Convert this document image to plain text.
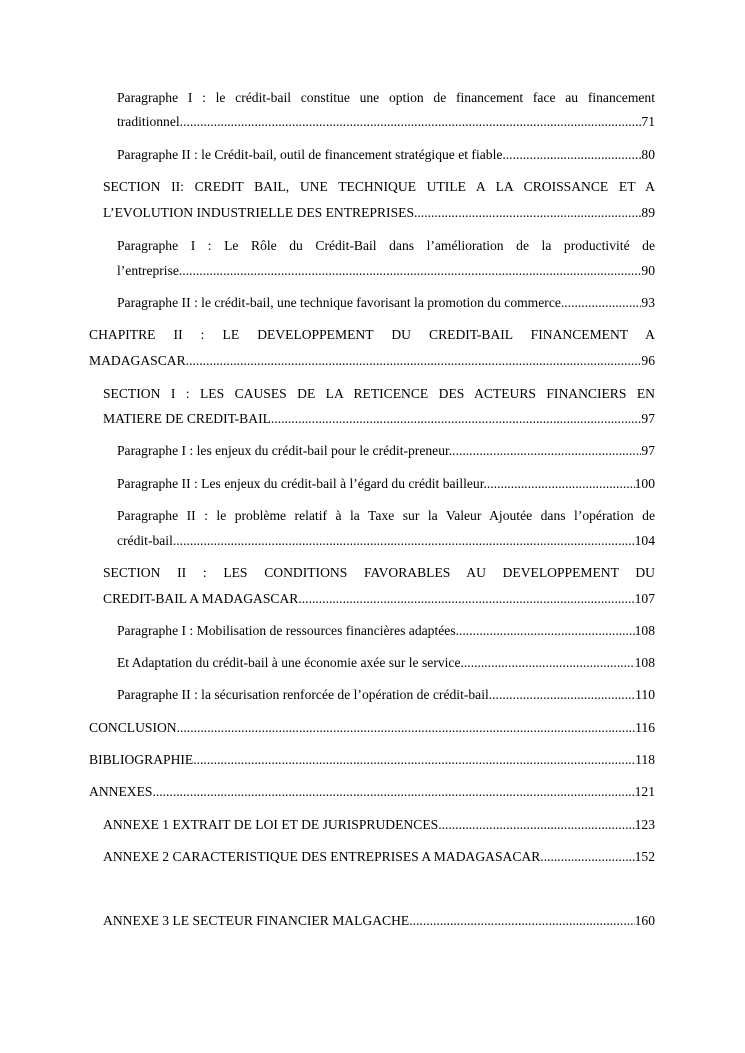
Paragraphe I : le crédit-bail constitue une option de financement face au financement
traditionnel. .....	71
Paragraphe II : le Crédit-bail, outil de financement stratégique et fiable. .....	80
SECTION II: CREDIT BAIL, UNE TECHNIQUE UTILE A LA CROISSANCE ET A
L’EVOLUTION INDUSTRIELLE DES ENTREPRISES. .....	89
Paragraphe I : Le Rôle du Crédit-Bail dans l’amélioration de la productivité de
l’entreprise. .....	90
Paragraphe II : le crédit-bail, une technique favorisant la promotion du commerce. .....	93
CHAPITRE II : LE DEVELOPPEMENT DU CREDIT-BAIL FINANCEMENT A
MADAGASCAR .....	96
SECTION I : LES CAUSES DE LA RETICENCE DES ACTEURS FINANCIERS EN
MATIERE DE CREDIT-BAIL. .....	97
Paragraphe I : les enjeux du crédit-bail pour le crédit-preneur. .....	97
Paragraphe II : Les enjeux du crédit-bail à l’égard du crédit bailleur. .....	100
Paragraphe II : le problème relatif à la Taxe sur la Valeur Ajoutée dans l’opération de
crédit-bail. .....	104
SECTION II : LES CONDITIONS FAVORABLES AU DEVELOPPEMENT DU
CREDIT-BAIL A MADAGASCAR. .....	107
Paragraphe I : Mobilisation de ressources financières adaptées .....	108
Et Adaptation du crédit-bail à une économie axée sur le service. .....	108
Paragraphe II : la sécurisation renforcée de l’opération de crédit-bail. .....	110
CONCLUSION .....	116
BIBLIOGRAPHIE .....	118
ANNEXES .....	121
ANNEXE 1 EXTRAIT DE LOI ET DE JURISPRUDENCES .....	123
ANNEXE 2 CARACTERISTIQUE DES ENTREPRISES A MADAGASACAR .....	152
ANNEXE 3 LE SECTEUR FINANCIER MALGACHE. .....	160
